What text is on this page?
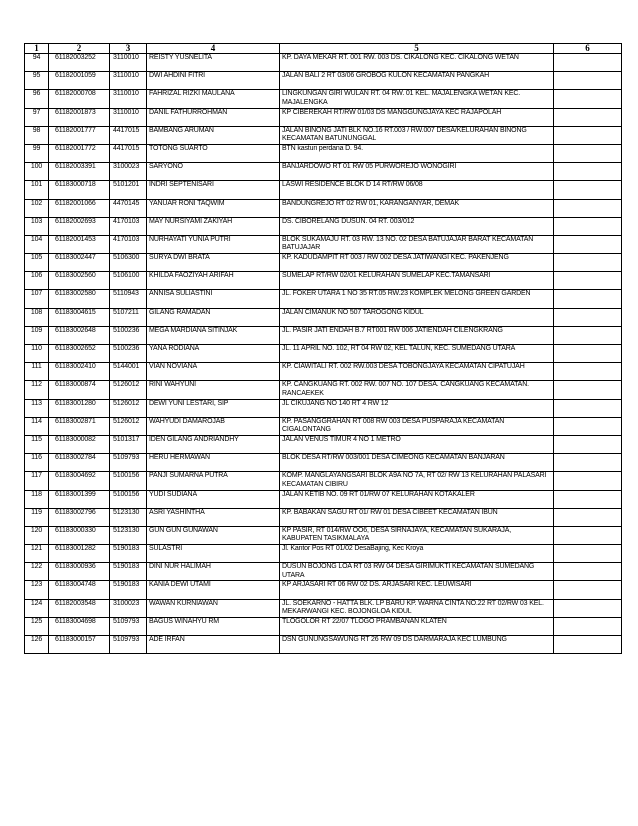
1	2	3	4	5	6
94	61182003252	3110010	REISTY YUSNELITA	KP. DAYA MEKAR RT. 001 RW. 003 DS. CIKALONG KEC. CIKALONG WETAN	
95	61182001059	3110010	DWI AHDINI FITRI	JALAN BALI 2 RT 03/06 GROBOG KULON KECAMATAN PANGKAH	
96	61182000708	3110010	FAHRIZAL RIZKI MAULANA	LINGKUNGAN GIRI WULAN RT. 04 RW. 01 KEL. MAJALENGKA WETAN KEC. MAJALENGKA	
97	61182001873	3110010	DANIL FATHURROHMAN	KP CIBEREKAH RT/RW 01/03 DS MANGGUNGJAYA KEC RAJAPOLAH	
98	61182001777	4417015	BAMBANG ARUMAN	JALAN BINONG JATI BLK NO.16 RT.003 / RW.007 DESA/KELURAHAN BINONG KECAMATAN BATUNUNGGAL	
99	61182001772	4417015	TOTONG SUARTO	BTN kasturi perdana D. 94.	
100	61182003391	3100023	SARYONO	BANJARDOWO RT 01 RW 05 PURWOREJO WONOGIRI	
101	61183000718	5101201	INDRI SEPTENISARI	LASWI RESIDENCE BLOK D 14 RT/RW 06/08	
102	61182001066	4470145	YANUAR RONI TAQWIM	BANDUNGREJO RT 02 RW 01, KARANGANYAR, DEMAK	
103	61182002693	4170103	MAY NURSIYAMI ZAKIYAH	DS. CIBORELANG DUSUN. 04 RT. 003/012	
104	61182001453	4170103	NURHAYATI YUNIA PUTRI	BLOK SUKAMAJU RT. 03 RW. 13 NO. 02 DESA BATUJAJAR BARAT KECAMATAN BATUJAJAR	
105	61183002447	5106300	SURYA DWI BRATA	KP. KADUDAMPIT RT 003 / RW 002 DESA JATIWANGI KEC. PAKENJENG	
106	61183002560	5106100	KHILDA FAOZIYAH ARIFAH	SUMELAP RT/RW 02/01 KELURAHAN SUMELAP KEC.TAMANSARI	
107	61183002580	5110943	ANNISA SULIASTINI	JL. FOKER UTARA 1 NO 35 RT.05 RW.23 KOMPLEK MELONG GREEN GARDEN	
108	61183004615	5107211	GILANG RAMADAN	JALAN CIMANUK NO 507 TAROGONG KIDUL	
109	61183002648	5100236	MEGA MARDIANA SITINJAK	JL. PASIR JATI ENDAH B.7 RT001 RW 006 JATIENDAH CILENGKRANG	
110	61183002652	5100236	YANA RODIANA	JL. 11 APRIL NO. 102, RT 04 RW 02, KEL TALUN, KEC. SUMEDANG UTARA	
111	61183002410	5144001	VIAN NOVIANA	KP. CIAWITALI RT. 002 RW.003 DESA TOBONGJAYA KECAMATAN CIPATUJAH	
112	61183000874	5126012	RINI WAHYUNI	KP. CANGKUANG RT. 002 RW. 007 NO. 107 DESA. CANGKUANG KECAMATAN. RANCAEKEK	
113	61183001280	5126012	DEWI YUNI LESTARI, SIP	JL CIKUJANG NO 140 RT 4 RW 12	
114	61183002871	5126012	WAHYUDI DAMAROJAB	KP. PASANGGRAHAN RT 008 RW 003 DESA PUSPARAJA KECAMATAN CIGALONTANG	
115	61183000082	5101317	IDEN GILANG ANDRIANDHY	JALAN VENUS TIMUR 4 NO 1 METRO	
116	61183002784	5109793	HERU HERMAWAN	BLOK DESA RT/RW 003/001 DESA CIMEONG KECAMATAN BANJARAN	
117	61183004692	5100156	PANJI SUMARNA PUTRA	KOMP. MANGLAYANGSARI BLOK A9A NO 7A, RT 02/ RW 13 KELURAHAN PALASARI KECAMATAN CIBIRU	
118	61183001399	5100156	YUDI SUDIANA	JALAN KETIB NO. 09 RT 01/RW 07 KELURAHAN KOTAKALER	
119	61183002796	5123130	ASRI YASHINTHA	KP. BABAKAN SAGU RT 01/ RW 01 DESA CIBEET KECAMATAN IBUN	
120	61183000330	5123130	GUN GUN GUNAWAN	KP PASIR, RT 014/RW OO6, DESA SIRNAJAYA, KECAMATAN SUKARAJA, KABUPATEN TASIKMALAYA	
121	61183001282	5190183	SULASTRI	Jl. Kantor Pos RT 01/02 DesaBajing, Kec Kroya	
122	61183000936	5190183	DINI NUR HALIMAH	DUSUN BOJONG LOA RT 03 RW 04 DESA GIRIMUKTI KECAMATAN SUMEDANG UTARA	
123	61183004748	5190183	KANIA DEWI UTAMI	KP ARJASARI RT 06 RW 02 DS. ARJASARI KEC. LEUWISARI	
124	61182003548	3100023	WAWAN KURNIAWAN	JL. SOEKARNO - HATTA BLK. LP BARU KP. WARNA CINTA NO.22 RT 02/RW 03 KEL. MEKARWANGI KEC. BOJONGLOA KIDUL	
125	61183004698	5109793	BAGUS WINAHYU RM	TLOGOLOR RT 22/07 TLOGO PRAMBANAN KLATEN	
126	61183000157	5109793	ADE IRFAN	DSN GUNUNGSAWUNG RT 26 RW 09 DS DARMARAJA KEC LUMBUNG	
